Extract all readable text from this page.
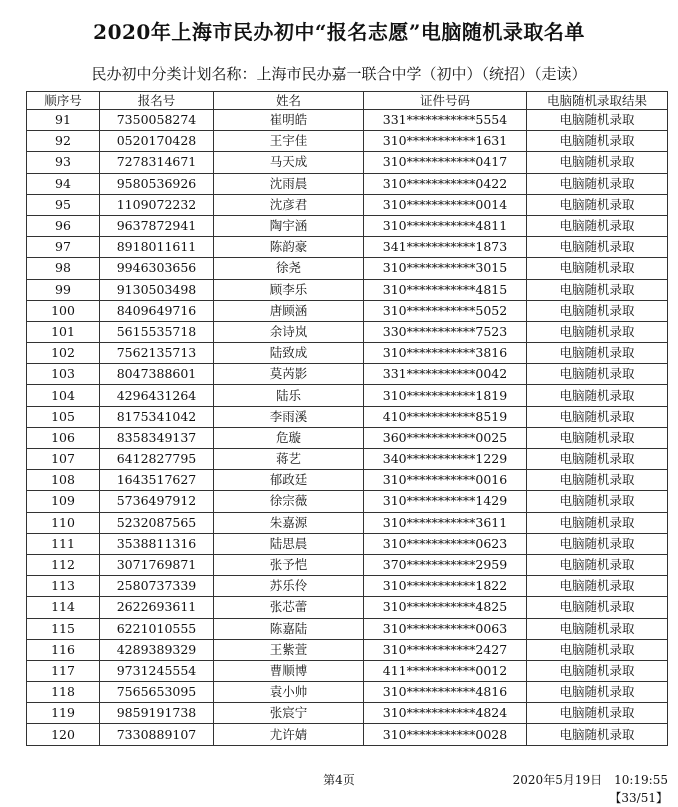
2020年上海市民办初中“报名志愿”电脑随机录取名单
民办初中分类计划名称：上海市民办嘉一联合中学（初中）（统招）（走读）
顺序号	报名号	姓名	证件号码	电脑随机录取结果
91	7350058274	崔明皓	331***********5554	电脑随机录取
92	0520170428	王宇佳	310***********1631	电脑随机录取
93	7278314671	马天成	310***********0417	电脑随机录取
94	9580536926	沈雨晨	310***********0422	电脑随机录取
95	1109072232	沈彦君	310***********0014	电脑随机录取
96	9637872941	陶宇涵	310***********4811	电脑随机录取
97	8918011611	陈韵豪	341***********1873	电脑随机录取
98	9946303656	徐尧	310***********3015	电脑随机录取
99	9130503498	顾李乐	310***********4815	电脑随机录取
100	8409649716	唐顾涵	310***********5052	电脑随机录取
101	5615535718	余诗岚	330***********7523	电脑随机录取
102	7562135713	陆致成	310***********3816	电脑随机录取
103	8047388601	莫芮影	331***********0042	电脑随机录取
104	4296431264	陆乐	310***********1819	电脑随机录取
105	8175341042	李雨溪	410***********8519	电脑随机录取
106	8358349137	危璇	360***********0025	电脑随机录取
107	6412827795	蒋艺	340***********1229	电脑随机录取
108	1643517627	郁政廷	310***********0016	电脑随机录取
109	5736497912	徐宗薇	310***********1429	电脑随机录取
110	5232087565	朱嘉源	310***********3611	电脑随机录取
111	3538811316	陆思晨	310***********0623	电脑随机录取
112	3071769871	张予恺	370***********2959	电脑随机录取
113	2580737339	苏乐伶	310***********1822	电脑随机录取
114	2622693611	张芯蕾	310***********4825	电脑随机录取
115	6221010555	陈嘉陆	310***********0063	电脑随机录取
116	4289389329	王紫萱	310***********2427	电脑随机录取
117	9731245554	曹顺博	411***********0012	电脑随机录取
118	7565653095	袁小帅	310***********4816	电脑随机录取
119	9859191738	张宸宁	310***********4824	电脑随机录取
120	7330889107	尤许婧	310***********0028	电脑随机录取
第4页	2020年5月19日　10:19:55
【33/51】
